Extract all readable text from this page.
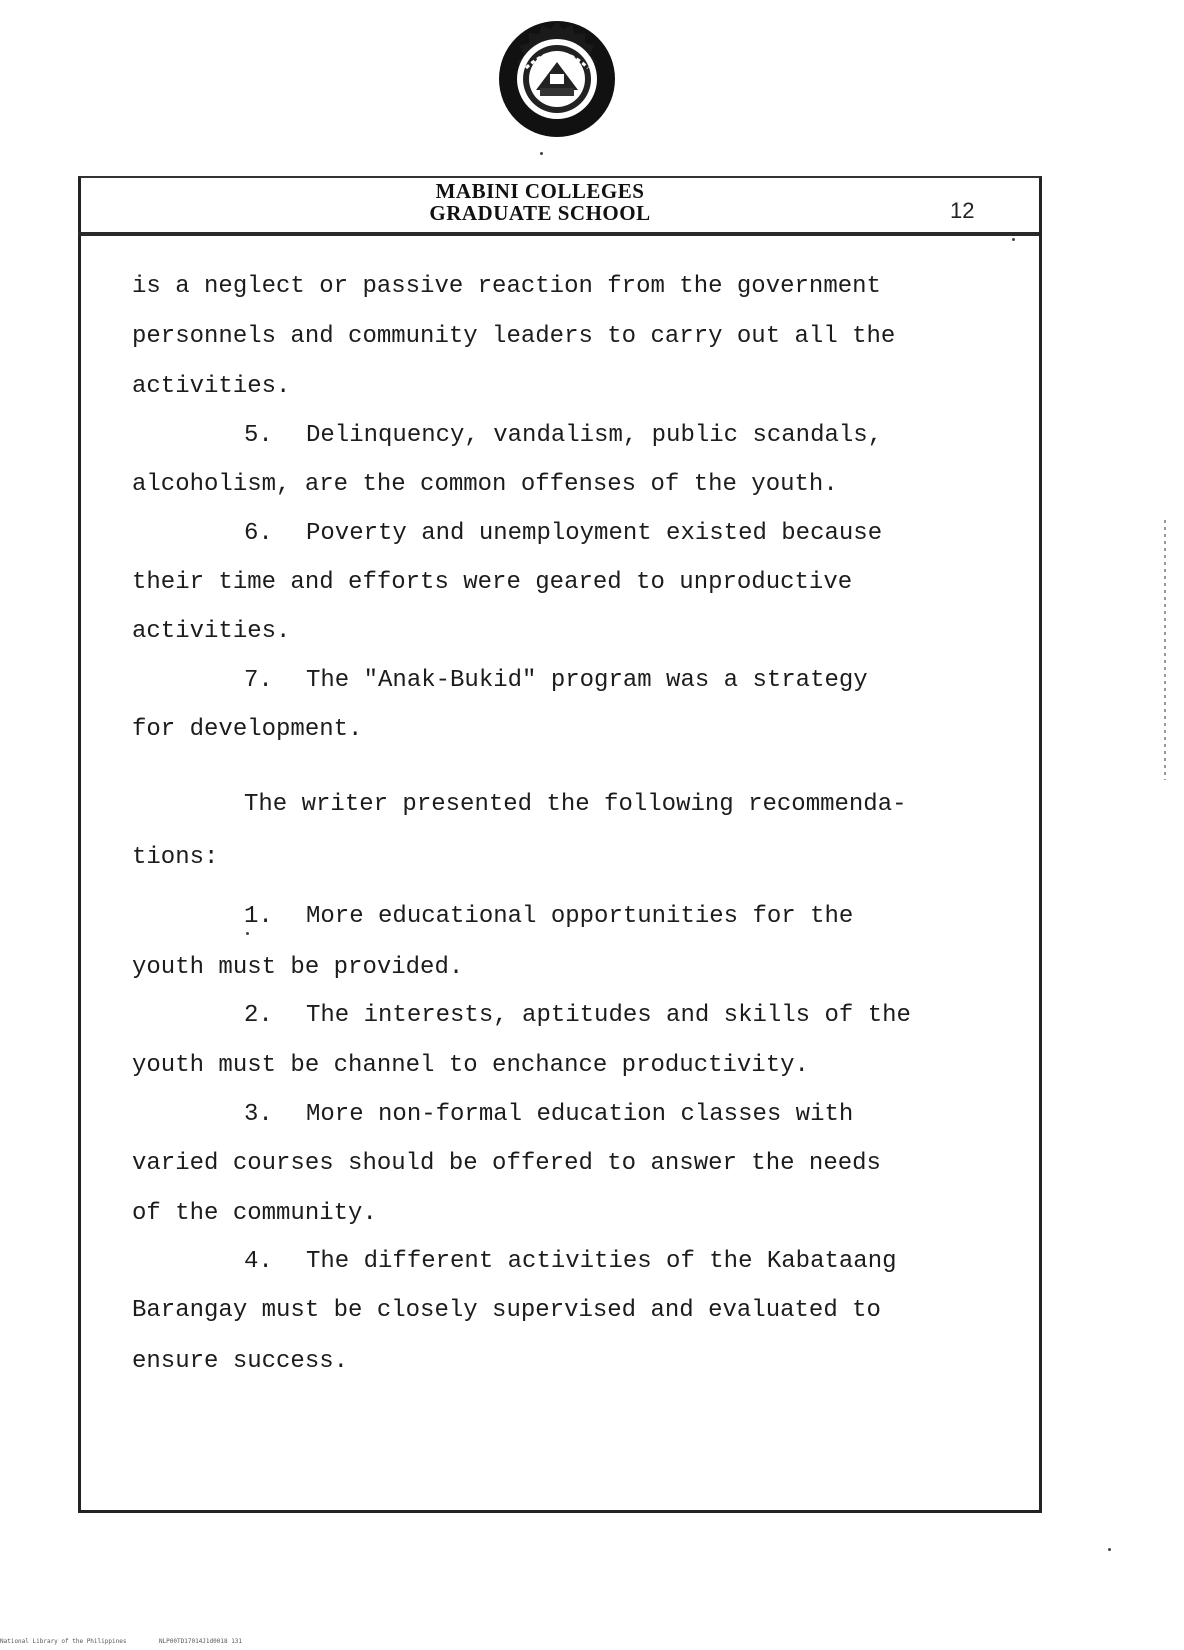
MABINI COLLEGES
GRADUATE SCHOOL	12
is a neglect or passive reaction from the government
personnels and community leaders to carry out all the
activities.
5. Delinquency, vandalism, public scandals,
alcoholism, are the common offenses of the youth.
6. Poverty and unemployment existed because
their time and efforts were geared to unproductive
activities.
7. The "Anak-Bukid" program was a strategy
for development.
The writer presented the following recommenda-
tions:
1. More educational opportunities for the
youth must be provided.
2. The interests, aptitudes and skills of the
youth must be channel to enchance productivity.
3. More non-formal education classes with
varied courses should be offered to answer the needs
of the community.
4. The different activities of the Kabataang
Barangay must be closely supervised and evaluated to
ensure success.
National Library of the Philippines	NLP00TD17014J1d0018 131
